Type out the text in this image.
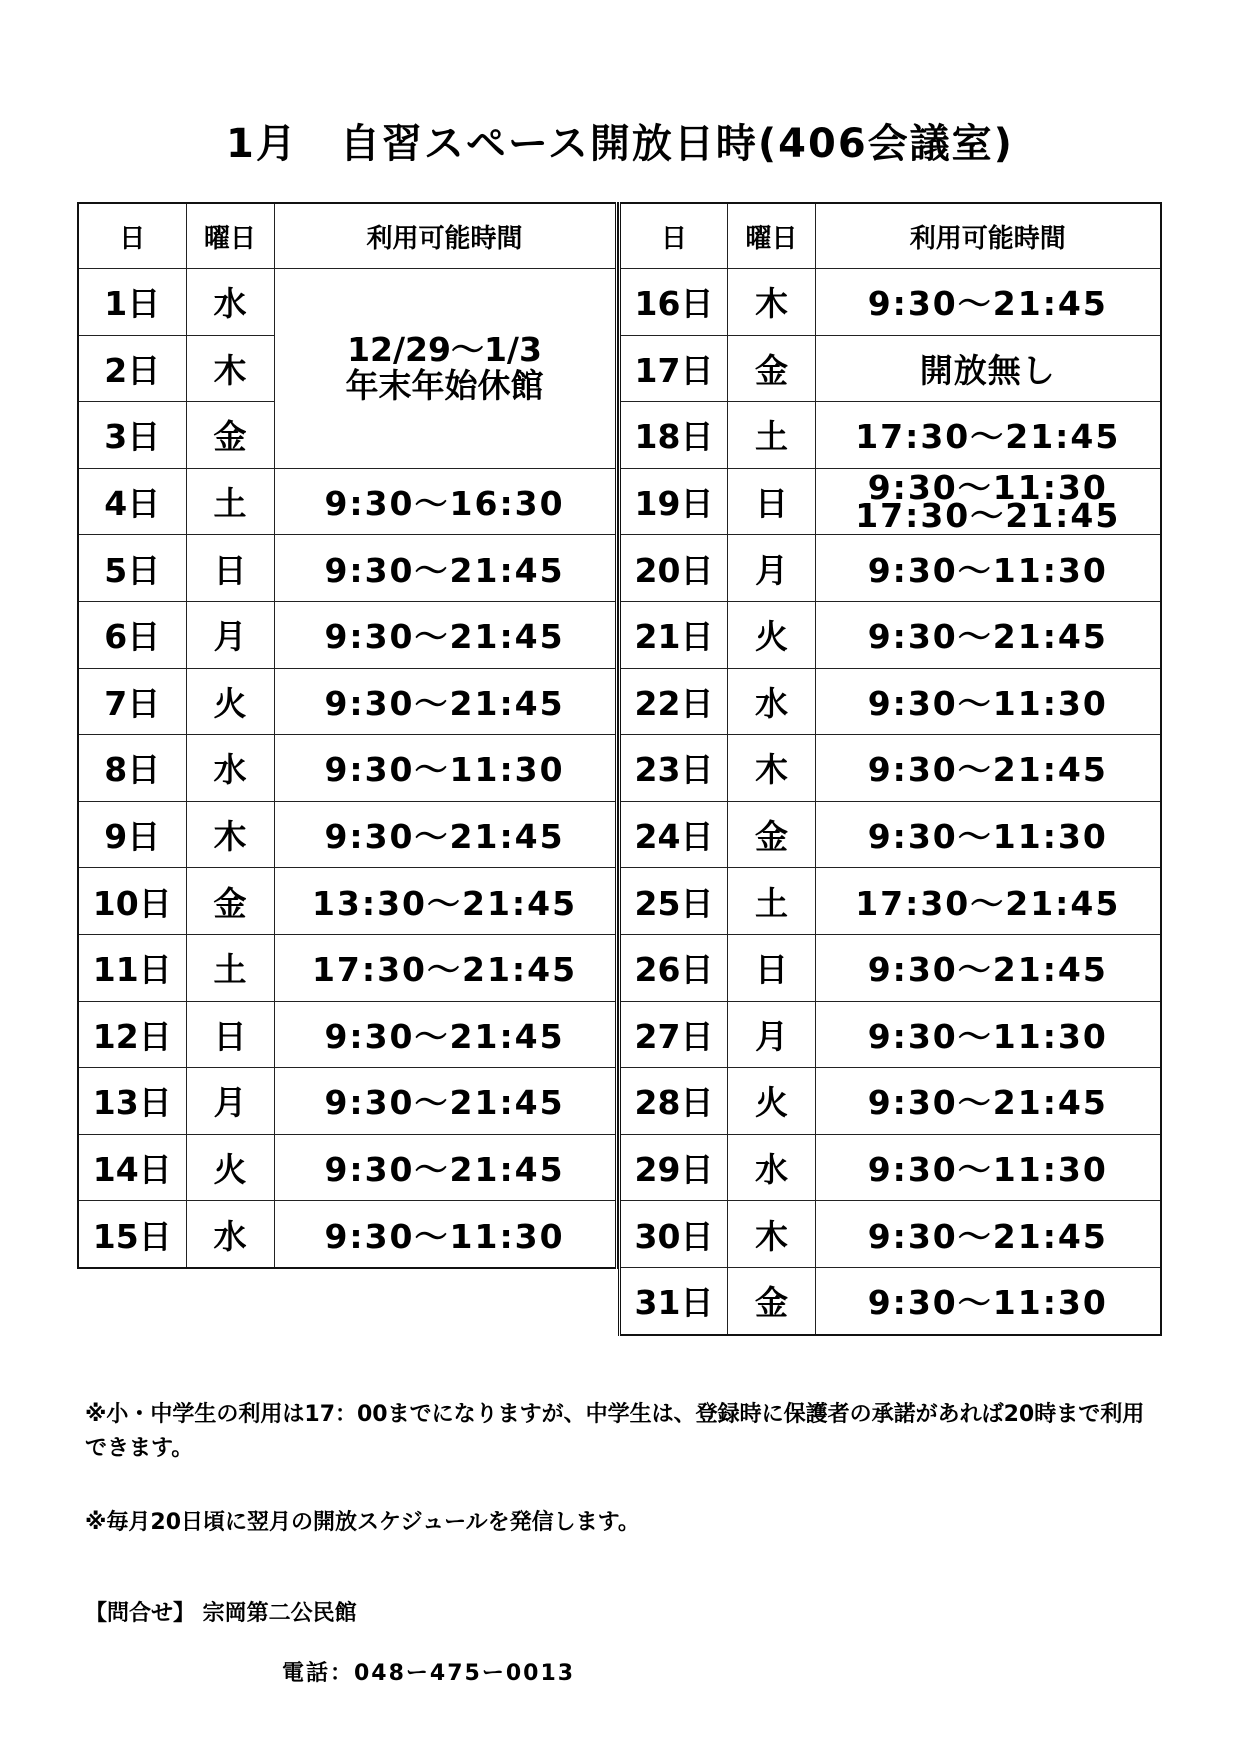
1月　自習スペース開放日時(406会議室)
日	曜日	利用可能時間
1日	水	12/29〜1/3
年末年始休館

2日	木	
3日	金	
4日	土	9:30〜16:30
5日	日	9:30〜21:45
6日	月	9:30〜21:45
7日	火	9:30〜21:45
8日	水	9:30〜11:30
9日	木	9:30〜21:45
10日	金	13:30〜21:45
11日	土	17:30〜21:45
12日	日	9:30〜21:45
13日	月	9:30〜21:45
14日	火	9:30〜21:45
15日	水	9:30〜11:30
日	曜日	利用可能時間
16日	木	9:30〜21:45
17日	金	開放無し
18日	土	17:30〜21:45
19日	日	9:30〜11:30
17:30〜21:45

20日	月	9:30〜11:30
21日	火	9:30〜21:45
22日	水	9:30〜11:30
23日	木	9:30〜21:45
24日	金	9:30〜11:30
25日	土	17:30〜21:45
26日	日	9:30〜21:45
27日	月	9:30〜11:30
28日	火	9:30〜21:45
29日	水	9:30〜11:30
30日	木	9:30〜21:45
31日	金	9:30〜11:30

※小・中学生の利用は17：00までになりますが、中学生は、登録時に保護者の承諾があれば20時まで利用できます。

※毎月20日頃に翌月の開放スケジュールを発信します。

【問合せ】 宗岡第二公民館
電話：048ー475ー0013
